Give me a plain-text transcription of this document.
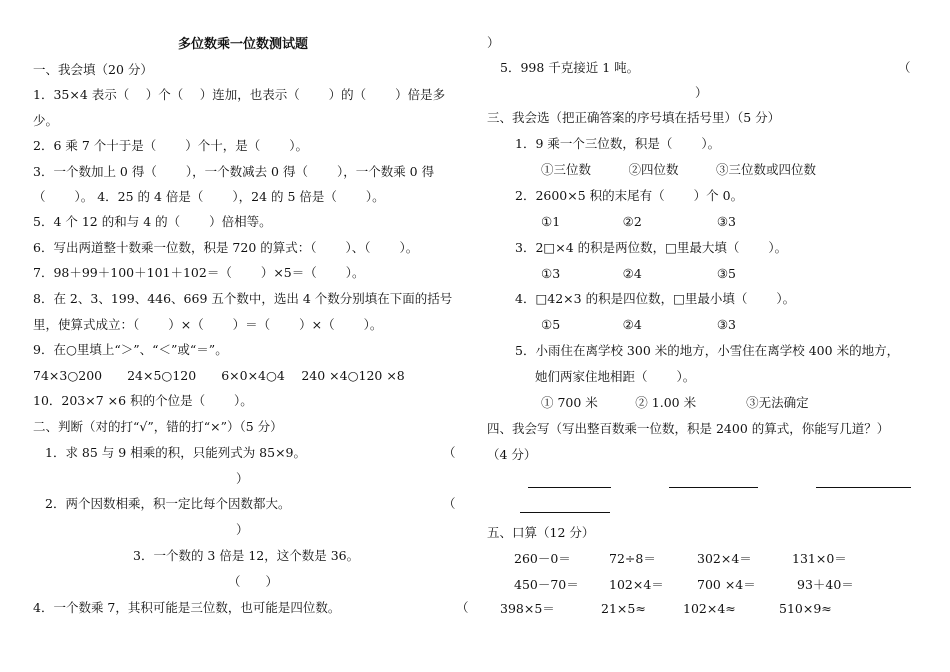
多位数乘一位数测试题
一、我会填（20 分）
1．35×4 表示（　 ）个（　 ）连加，也表示（　　 ）的（　　 ）倍是多
少。
2．6 乘 7 个十于是（　　 ）个十，是（　　 ）。
3．一个数加上 0 得（　　 ），一个数减去 0 得（　　 ），一个数乘 0 得
（　　 ）。 4．25 的 4 倍是（　　 ），24 的 5 倍是（　　 ）。
5．4 个 12 的和与 4 的（　　 ）倍相等。
6．写出两道整十数乘一位数，积是 720 的算式：（　　 ）、（　　 ）。
7．98＋99＋100＋101＋102＝（　　 ）×5＝（　　 ）。
8．在 2、3、199、446、669 五个数中，选出 4 个数分别填在下面的括号
里，使算式成立：（　　 ）×（　　 ）＝（　　 ）×（　　 ）。
9．在○里填上“＞”、“＜”或“＝”。
74×3○200　　24×5○120　　6×0×4○4　 240 ×4○120 ×8
10．203×7 ×6 积的个位是（　　 ）。
二、判断（对的打“√”，错的打“×”）（5 分）
1．求 85 与 9 相乘的积，只能列式为 85×9。	（
）
2．两个因数相乘，积一定比每个因数都大。	（
）
3．一个数的 3 倍是 12，这个数是 36。
（　　）
4．一个数乘 7，其积可能是三位数，也可能是四位数。	（
）
5．998 千克接近 1 吨。	（
）
三、我会选（把正确答案的序号填在括号里）（5 分）
1．9 乘一个三位数，积是（　　 ）。
①三位数　　　②四位数　　　③三位数或四位数
2．2600×5 积的末尾有（　　 ）个 0。
①1　　　　　②2　　　　　　③3
3．2□×4 的积是两位数，□里最大填（　　 ）。
①3　　　　　②4　　　　　　③5
4．□42×3 的积是四位数，□里最小填（　　 ）。
①5　　　　　②4　　　　　　③3
5．小雨住在离学校 300 米的地方，小雪住在离学校 400 米的地方，
她们两家住地相距（　　 ）。
① 700 米　　　② 1.00 米　　　　③无法确定
四、我会写（写出整百数乘一位数，积是 2400 的算式，你能写几道？）
（4 分）
五、口算（12 分）
260－0＝	72÷8＝	302×4＝	131×0＝
450－70＝ 102×4＝	700 ×4＝	93＋40＝
398×5＝	21×5≈	102×4≈	510×9≈
